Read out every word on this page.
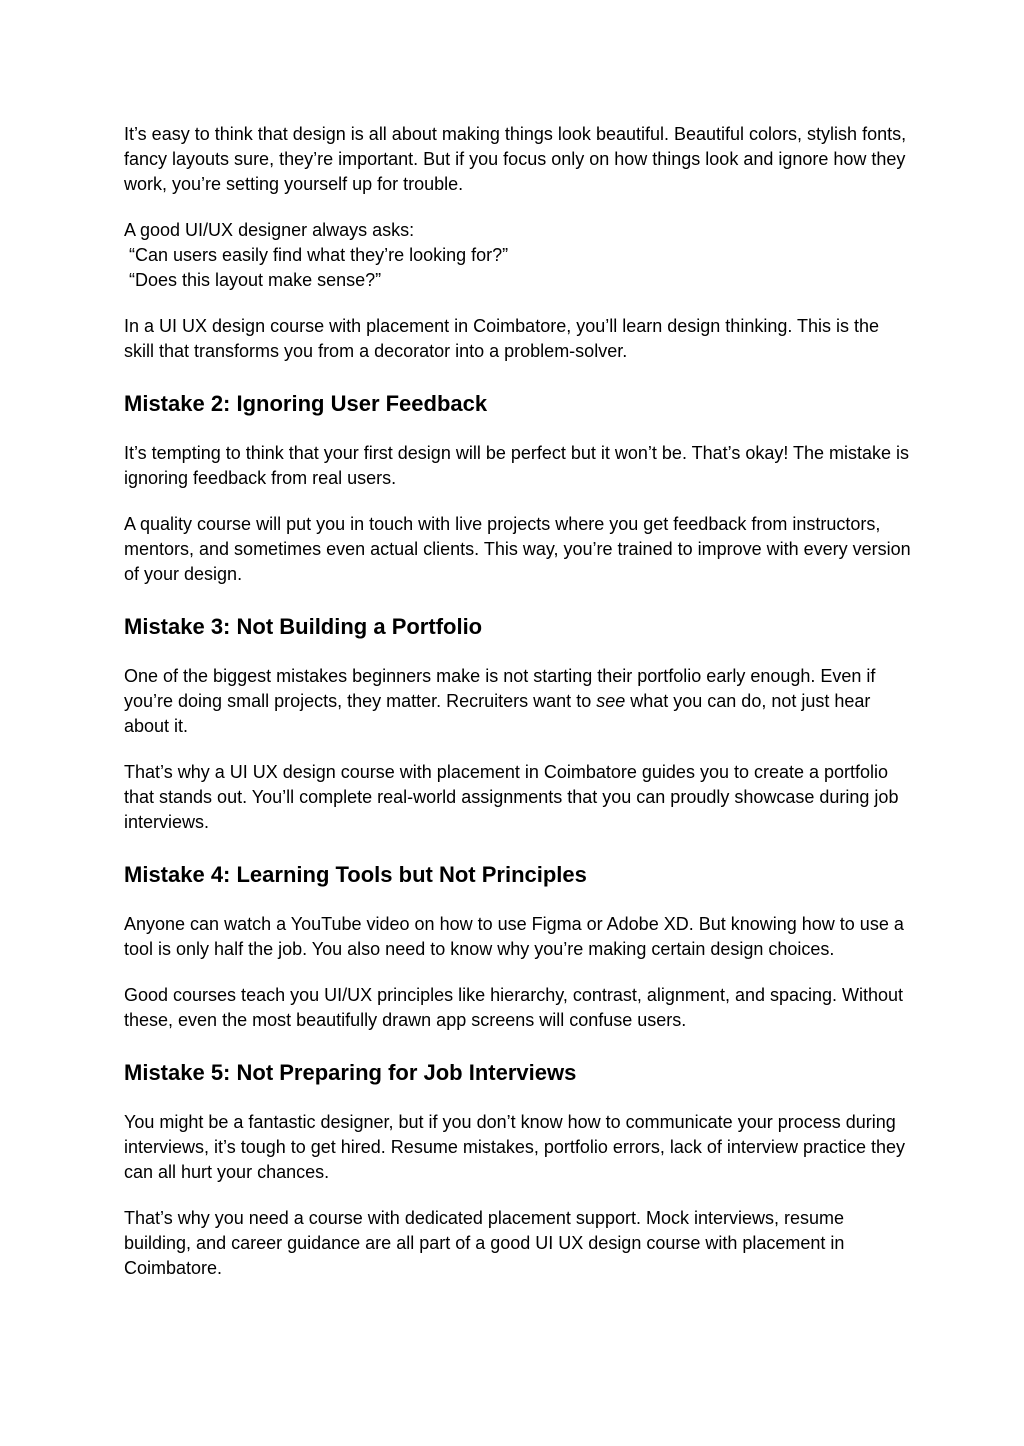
It’s easy to think that design is all about making things look beautiful. Beautiful colors, stylish fonts, fancy layouts sure, they’re important. But if you focus only on how things look and ignore how they work, you’re setting yourself up for trouble.

A good UI/UX designer always asks:
“Can users easily find what they’re looking for?”
“Does this layout make sense?”

In a UI UX design course with placement in Coimbatore, you’ll learn design thinking. This is the skill that transforms you from a decorator into a problem-solver.

Mistake 2: Ignoring User Feedback

It’s tempting to think that your first design will be perfect but it won’t be. That’s okay! The mistake is ignoring feedback from real users.

A quality course will put you in touch with live projects where you get feedback from instructors, mentors, and sometimes even actual clients. This way, you’re trained to improve with every version of your design.

Mistake 3: Not Building a Portfolio

One of the biggest mistakes beginners make is not starting their portfolio early enough. Even if you’re doing small projects, they matter. Recruiters want to see what you can do, not just hear about it.

That’s why a UI UX design course with placement in Coimbatore guides you to create a portfolio that stands out. You’ll complete real-world assignments that you can proudly showcase during job interviews.

Mistake 4: Learning Tools but Not Principles

Anyone can watch a YouTube video on how to use Figma or Adobe XD. But knowing how to use a tool is only half the job. You also need to know why you’re making certain design choices.

Good courses teach you UI/UX principles like hierarchy, contrast, alignment, and spacing. Without these, even the most beautifully drawn app screens will confuse users.

Mistake 5: Not Preparing for Job Interviews

You might be a fantastic designer, but if you don’t know how to communicate your process during interviews, it’s tough to get hired. Resume mistakes, portfolio errors, lack of interview practice they can all hurt your chances.

That’s why you need a course with dedicated placement support. Mock interviews, resume building, and career guidance are all part of a good UI UX design course with placement in Coimbatore.
